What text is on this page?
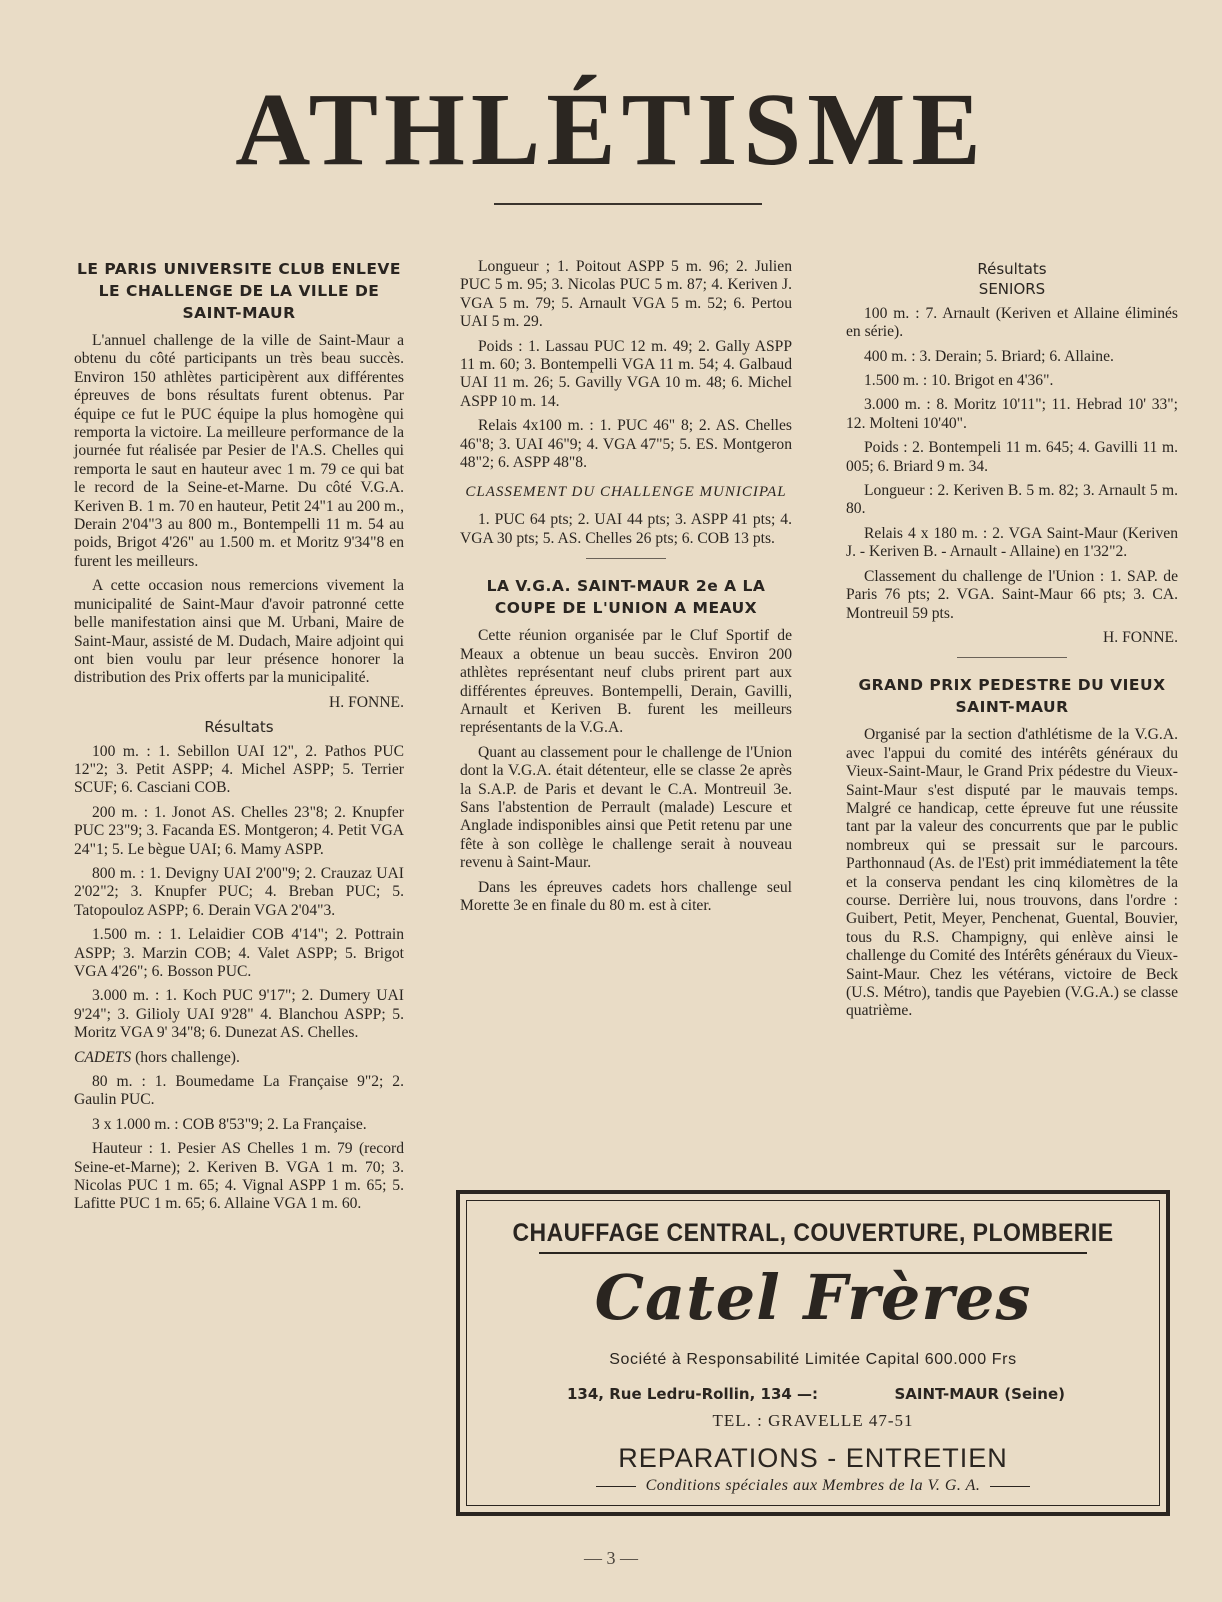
ATHLÉTISME
LE PARIS UNIVERSITE CLUB ENLEVE LE CHALLENGE DE LA VILLE DE SAINT-MAUR

L'annuel challenge de la ville de Saint-Maur a obtenu du côté participants un très beau succès. Environ 150 athlètes participèrent aux différentes épreuves de bons résultats furent obtenus. Par équipe ce fut le PUC équipe la plus homogène qui remporta la victoire. La meilleure performance de la journée fut réalisée par Pesier de l'A.S. Chelles qui remporta le saut en hauteur avec 1 m. 79 ce qui bat le record de la Seine-et-Marne. Du côté V.G.A. Keriven B. 1 m. 70 en hauteur, Petit 24"1 au 200 m., Derain 2'04"3 au 800 m., Bontempelli 11 m. 54 au poids, Brigot 4'26" au 1.500 m. et Moritz 9'34"8 en furent les meilleurs.

A cette occasion nous remercions vivement la municipalité de Saint-Maur d'avoir patronné cette belle manifestation ainsi que M. Urbani, Maire de Saint-Maur, assisté de M. Dudach, Maire adjoint qui ont bien voulu par leur présence honorer la distribution des Prix offerts par la municipalité.

H. FONNE.

Résultats

100 m. : 1. Sebillon UAI 12", 2. Pathos PUC 12"2; 3. Petit ASPP; 4. Michel ASPP; 5. Terrier SCUF; 6. Casciani COB.

200 m. : 1. Jonot AS. Chelles 23"8; 2. Knupfer PUC 23"9; 3. Facanda ES. Montgeron; 4. Petit VGA 24"1; 5. Le bègue UAI; 6. Mamy ASPP.

800 m. : 1. Devigny UAI 2'00"9; 2. Crauzaz UAI 2'02"2; 3. Knupfer PUC; 4. Breban PUC; 5. Tatopouloz ASPP; 6. Derain VGA 2'04"3.

1.500 m. : 1. Lelaidier COB 4'14"; 2. Pottrain ASPP; 3. Marzin COB; 4. Valet ASPP; 5. Brigot VGA 4'26"; 6. Bosson PUC.

3.000 m. : 1. Koch PUC 9'17"; 2. Dumery UAI 9'24"; 3. Gilioly UAI 9'28" 4. Blanchou ASPP; 5. Moritz VGA 9' 34"8; 6. Dunezat AS. Chelles.

CADETS (hors challenge).

80 m. : 1. Boumedame La Française 9"2; 2. Gaulin PUC.

3 x 1.000 m. : COB 8'53"9; 2. La Française.

Hauteur : 1. Pesier AS Chelles 1 m. 79 (record Seine-et-Marne); 2. Keriven B. VGA 1 m. 70; 3. Nicolas PUC 1 m. 65; 4. Vignal ASPP 1 m. 65; 5. Lafitte PUC 1 m. 65; 6. Allaine VGA 1 m. 60.

Longueur ; 1. Poitout ASPP 5 m. 96; 2. Julien PUC 5 m. 95; 3. Nicolas PUC 5 m. 87; 4. Keriven J. VGA 5 m. 79; 5. Arnault VGA 5 m. 52; 6. Pertou UAI 5 m. 29.

Poids : 1. Lassau PUC 12 m. 49; 2. Gally ASPP 11 m. 60; 3. Bontempelli VGA 11 m. 54; 4. Galbaud UAI 11 m. 26; 5. Gavilly VGA 10 m. 48; 6. Michel ASPP 10 m. 14.

Relais 4x100 m. : 1. PUC 46" 8; 2. AS. Chelles 46"8; 3. UAI 46"9; 4. VGA 47"5; 5. ES. Montgeron 48"2; 6. ASPP 48"8.

CLASSEMENT DU CHALLENGE MUNICIPAL

1. PUC 64 pts; 2. UAI 44 pts; 3. ASPP 41 pts; 4. VGA 30 pts; 5. AS. Chelles 26 pts; 6. COB 13 pts.

LA V.G.A. SAINT-MAUR 2e A LA COUPE DE L'UNION A MEAUX

Cette réunion organisée par le Cluf Sportif de Meaux a obtenue un beau succès. Environ 200 athlètes représentant neuf clubs prirent part aux différentes épreuves. Bontempelli, Derain, Gavilli, Arnault et Keriven B. furent les meilleurs représentants de la V.G.A.

Quant au classement pour le challenge de l'Union dont la V.G.A. était détenteur, elle se classe 2e après la S.A.P. de Paris et devant le C.A. Montreuil 3e. Sans l'abstention de Perrault (malade) Lescure et Anglade indisponibles ainsi que Petit retenu par une fête à son collège le challenge serait à nouveau revenu à Saint-Maur.

Dans les épreuves cadets hors challenge seul Morette 3e en finale du 80 m. est à citer.

Résultats
SENIORS

100 m. : 7. Arnault (Keriven et Allaine éliminés en série).

400 m. : 3. Derain; 5. Briard; 6. Allaine.

1.500 m. : 10. Brigot en 4'36".

3.000 m. : 8. Moritz 10'11"; 11. Hebrad 10' 33"; 12. Molteni 10'40".

Poids : 2. Bontempeli 11 m. 645; 4. Gavilli 11 m. 005; 6. Briard 9 m. 34.

Longueur : 2. Keriven B. 5 m. 82; 3. Arnault 5 m. 80.

Relais 4 x 180 m. : 2. VGA Saint-Maur (Keriven J. - Keriven B. - Arnault - Allaine) en 1'32"2.

Classement du challenge de l'Union : 1. SAP. de Paris 76 pts; 2. VGA. Saint-Maur 66 pts; 3. CA. Montreuil 59 pts.

H. FONNE.

GRAND PRIX PEDESTRE DU VIEUX SAINT-MAUR

Organisé par la section d'athlétisme de la V.G.A. avec l'appui du comité des intérêts généraux du Vieux-Saint-Maur, le Grand Prix pédestre du Vieux-Saint-Maur s'est disputé par le mauvais temps. Malgré ce handicap, cette épreuve fut une réussite tant par la valeur des concurrents que par le public nombreux qui se pressait sur le parcours. Parthonnaud (As. de l'Est) prit immédiatement la tête et la conserva pendant les cinq kilomètres de la course. Derrière lui, nous trouvons, dans l'ordre : Guibert, Petit, Meyer, Penchenat, Guental, Bouvier, tous du R.S. Champigny, qui enlève ainsi le challenge du Comité des Intérêts généraux du Vieux-Saint-Maur. Chez les vétérans, victoire de Beck (U.S. Métro), tandis que Payebien (V.G.A.) se classe quatrième.

CHAUFFAGE CENTRAL, COUVERTURE, PLOMBERIE
Catel Frères
Société à Responsabilité Limitée Capital 600.000 Frs
134, Rue Ledru-Rollin, 134 —:	SAINT-MAUR (Seine)
TEL. : GRAVELLE 47-51
REPARATIONS - ENTRETIEN
Conditions spéciales aux Membres de la V. G. A.
— 3 —
